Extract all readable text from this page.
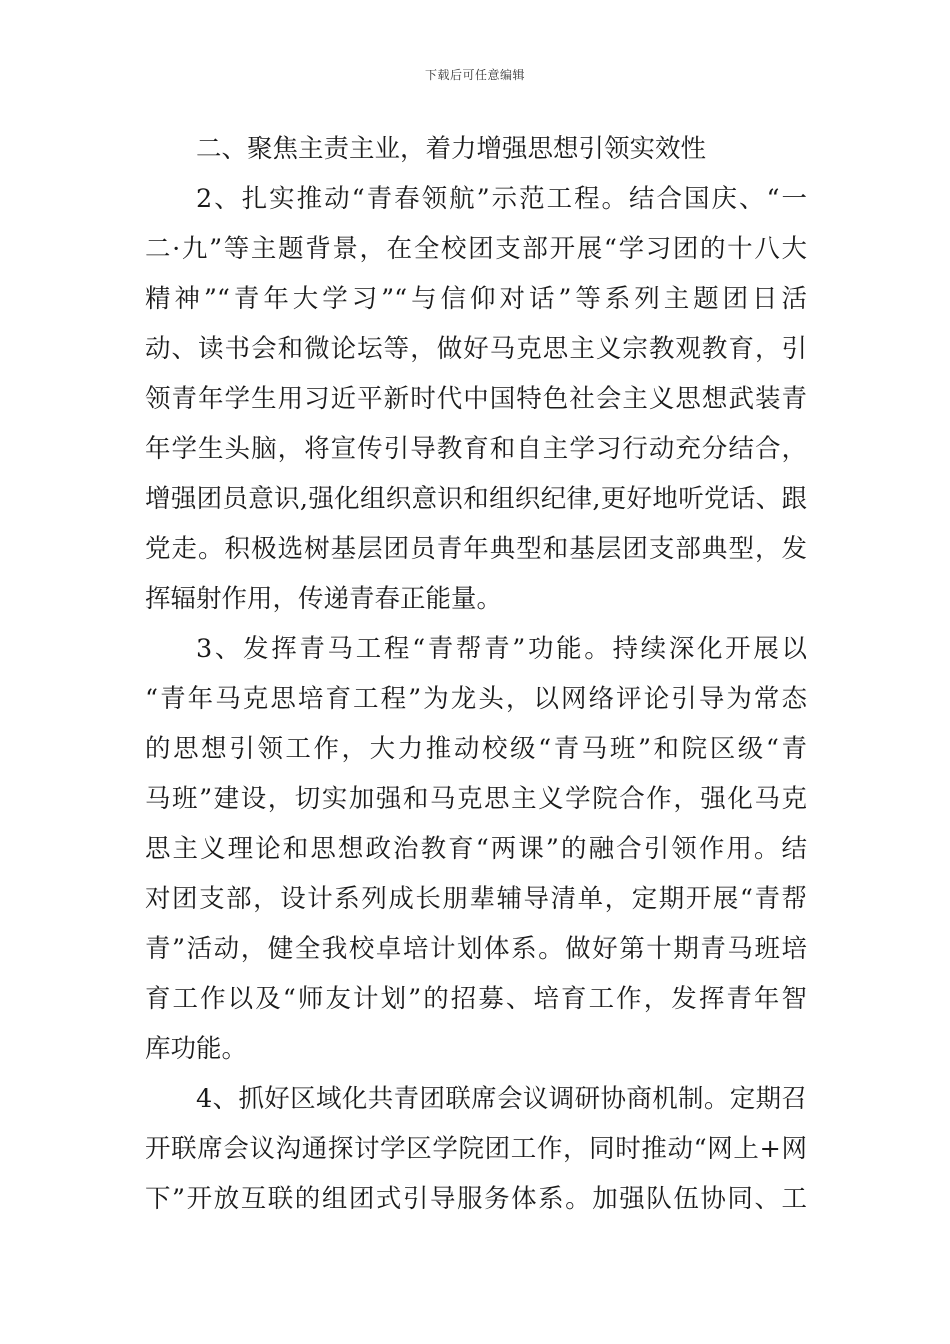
下载后可任意编辑
二、聚焦主责主业，着力增强思想引领实效性
2、扎实推动“青春领航”示范工程。结合国庆、“一
二·九”等主题背景，在全校团支部开展“学习团的十八大
精神”“青年大学习”“与信仰对话”等系列主题团日活
动、读书会和微论坛等，做好马克思主义宗教观教育，引
领青年学生用习近平新时代中国特色社会主义思想武装青
年学生头脑，将宣传引导教育和自主学习行动充分结合，
增强团员意识,强化组织意识和组织纪律,更好地听党话、跟
党走。积极选树基层团员青年典型和基层团支部典型，发
挥辐射作用，传递青春正能量。
3、发挥青马工程“青帮青”功能。持续深化开展以
“青年马克思培育工程”为龙头，以网络评论引导为常态
的思想引领工作，大力推动校级“青马班”和院区级“青
马班”建设，切实加强和马克思主义学院合作，强化马克
思主义理论和思想政治教育“两课”的融合引领作用。结
对团支部，设计系列成长朋辈辅导清单，定期开展“青帮
青”活动，健全我校卓培计划体系。做好第十期青马班培
育工作以及“师友计划”的招募、培育工作，发挥青年智
库功能。
4、抓好区域化共青团联席会议调研协商机制。定期召
开联席会议沟通探讨学区学院团工作，同时推动“网上+网
下”开放互联的组团式引导服务体系。加强队伍协同、工
